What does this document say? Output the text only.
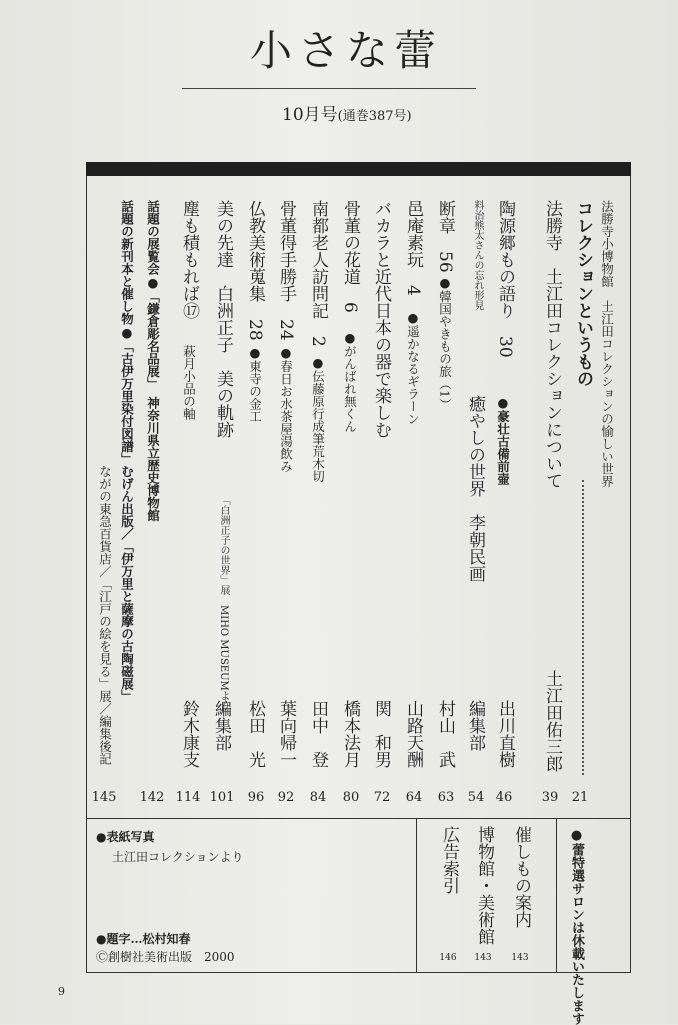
小さな蕾
10月号(通巻387号)
法勝寺小博物館　土江田コレクションの愉しい世界
コレクションというもの
21
法勝寺　土江田コレクションについて
土江田佑三郎
39
陶源郷もの語り　30
●豪壮古備前壷
出川直樹
46
料治熊太さんの忘れ形見
癒やしの世界　李朝民画
編集部
54
断章　56
●韓国やきもの旅（1）
村山　武
63
邑庵素玩　4
●遥かなるギラーン
山路天酬
64
バカラと近代日本の器で楽しむ
関　和男
72
骨董の花道　6
●がんばれ無くん
橋本法月
80
南都老人訪問記　2
●伝藤原行成筆荒木切
田中　登
84
骨董得手勝手　24
●春日お水茶屋湯飲み
葉向帰一
92
仏教美術蒐集　28
●東寺の金工
松田　光
96
美の先達　白洲正子　美の軌跡
「白洲正子の世界」展　MIHO MUSEUMより
編集部
101
塵も積もれば⑰
萩月小品の軸
鈴木康支
114
話題の展覧会●「鎌倉彫名品展」　神奈川県立歴史博物館
142
話題の新刊本と催し物●「古伊万里染付図譜」むげん出版／「伊万里と薩摩の古陶磁展」
ながの東急百貨店／「江戸の絵を見る」展／編集後記
145
●表紙写真
土江田コレクションより
●題字…松村知春
Ⓒ創樹社美術出版　2000
広告索引
146
博物館・美術館
143
催しもの案内
143	●蕾特選サロンは休載いたします
9
